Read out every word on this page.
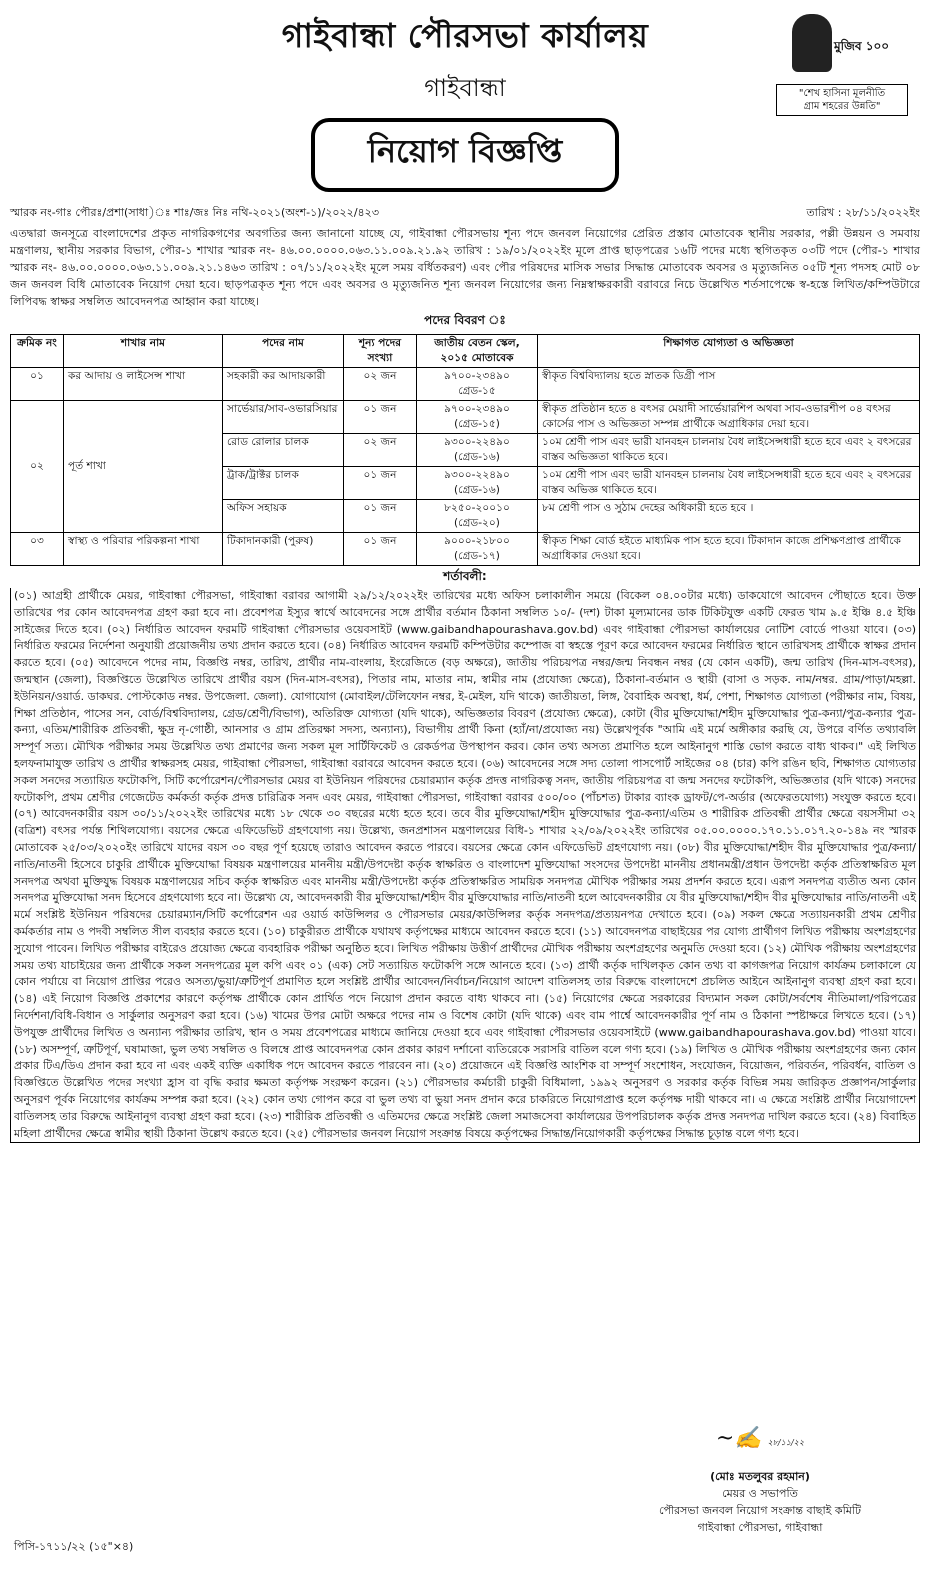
গাইবান্ধা পৌরসভা কার্যালয়
গাইবান্ধা
নিয়োগ বিজ্ঞপ্তি
মুজিব ১০০
"শেখ হাসিনা মূলনীতি
গ্রাম শহরের উন্নতি"
স্মারক নং-গাঃ পৌরঃ/প্রশা(সাধা)ঃ শাঃ/জঃ নিঃ নথি-২০২১(অংশ-১)/২০২২/৪২৩	তারিখ : ২৮/১১/২০২২ইং
এতদ্বারা জনসূত্রে বাংলাদেশের প্রকৃত নাগরিকগণের অবগতির জন্য জানানো যাচ্ছে যে, গাইবান্ধা পৌরসভায় শূন্য পদে জনবল নিয়োগের প্রেরিত প্রস্তাব মোতাবেক স্থানীয় সরকার, পল্লী উন্নয়ন ও সমবায় মন্ত্রণালয়, স্থানীয় সরকার বিভাগ, পৌর-১ শাখার স্মারক নং- ৪৬.০০.০০০০.০৬৩.১১.০০৯.২১.৯২ তারিখ : ১৯/০১/২০২২ইং মূলে প্রাপ্ত ছাড়পত্রের ১৬টি পদের মধ্যে স্থগিতকৃত ০৩টি পদে (পৌর-১ শাখার স্মারক নং- ৪৬.০০.০০০০.০৬৩.১১.০০৯.২১.১৪৬৩ তারিখ : ০৭/১১/২০২২ইং মূলে সময় বর্ধিতকরণ) এবং পৌর পরিষদের মাসিক সভার সিদ্ধান্ত মোতাবেক অবসর ও মৃত্যুজনিত ০৫টি শূন্য পদসহ মোট ০৮ জন জনবল বিধি মোতাবেক নিয়োগ দেয়া হবে। ছাড়পত্রকৃত শূন্য পদে এবং অবসর ও মৃত্যুজনিত শূন্য জনবল নিয়োগের জন্য নিম্নস্বাক্ষরকারী বরাবরে নিচে উল্লেখিত শর্তসাপেক্ষে স্ব-হস্তে লিখিত/কম্পিউটারে লিপিবদ্ধ স্বাক্ষর সম্বলিত আবেদনপত্র আহ্বান করা যাচ্ছে।
পদের বিবরণ ঃ
ক্রমিক নং	শাখার নাম	পদের নাম	শূন্য পদের সংখ্যা	জাতীয় বেতন স্কেল, ২০১৫ মোতাবেক	শিক্ষাগত যোগ্যতা ও অভিজ্ঞতা
০১	কর আদায় ও লাইসেন্স শাখা	সহকারী কর আদায়কারী	০২ জন	৯৭০০-২৩৪৯০
গ্রেড-১৫	স্বীকৃত বিশ্ববিদ্যালয় হতে স্নাতক ডিগ্রী পাস
০২	পূর্ত শাখা	সার্ভেয়ার/সাব-ওভারসিয়ার	০১ জন	৯৭০০-২৩৪৯০
(গ্রেড-১৫)	স্বীকৃত প্রতিষ্ঠান হতে ৪ বৎসর মেয়াদী সার্ভেয়ারশিপ অথবা সাব-ওভারশীপ ০৪ বৎসর কোর্সের পাস ও অভিজ্ঞতা সম্পন্ন প্রার্থীকে অগ্রাধিকার দেয়া হবে।
		রোড রোলার চালক	০২ জন	৯৩০০-২২৪৯০
(গ্রেড-১৬)	১০ম শ্রেণী পাস এবং ভারী যানবহন চালনায় বৈধ লাইসেন্সধারী হতে হবে এবং ২ বৎসরের বাস্তব অভিজ্ঞতা থাকিতে হবে।
		ট্রাক/ট্রাক্টর চালক	০১ জন	৯৩০০-২২৪৯০
(গ্রেড-১৬)	১০ম শ্রেণী পাস এবং ভারী যানবহন চালনায় বৈধ লাইসেন্সধারী হতে হবে এবং ২ বৎসরের বাস্তব অভিজ্ঞ থাকিতে হবে।
		অফিস সহায়ক	০১ জন	৮২৫০-২০০১০
(গ্রেড-২০)	৮ম শ্রেণী পাস ও সুঠাম দেহের অধিকারী হতে হবে ।
০৩	স্বাস্থ্য ও পরিবার পরিকল্পনা শাখা	টিকাদানকারী (পুরুষ)	০১ জন	৯০০০-২১৮০০
(গ্রেড-১৭)	স্বীকৃত শিক্ষা বোর্ড হইতে মাধ্যমিক পাস হতে হবে। টিকাদান কাজে প্রশিক্ষণপ্রাপ্ত প্রার্থীকে অগ্রাধিকার দেওয়া হবে।
শর্তাবলী:
(০১) আগ্রহী প্রার্থীকে মেয়র, গাইবান্ধা পৌরসভা, গাইবান্ধা বরাবর আগামী ২৯/১২/২০২২ইং তারিখের মধ্যে অফিস চলাকালীন সময়ে (বিকেল ০৪.০০টার মধ্যে) ডাকযোগে আবেদন পৌছাতে হবে। উক্ত তারিখের পর কোন আবেদনপত্র গ্রহণ করা হবে না। প্রবেশপত্র ইস্যুর স্বার্থে আবেদনের সঙ্গে প্রার্থীর বর্তমান ঠিকানা সম্বলিত ১০/- (দশ) টাকা মূল্যমানের ডাক টিকিটযুক্ত একটি ফেরত খাম ৯.৫ ইঞ্চি ৪.৫ ইঞ্চি সাইজের দিতে হবে। (০২) নির্ধারিত আবেদন ফরমটি গাইবান্ধা পৌরসভার ওয়েবসাইট (www.gaibandhapourashava.gov.bd) এবং গাইবান্ধা পৌরসভা কার্যালয়ের নোটিশ বোর্ডে পাওয়া যাবে। (০৩) নির্ধারিত ফরমের নির্দেশনা অনুযায়ী প্রয়োজনীয় তথ্য প্রদান করতে হবে। (০৪) নির্ধারিত আবেদন ফরমটি কম্পিউটার কম্পোজ বা স্বহস্তে পূরণ করে আবেদন ফরমের নির্ধারিত স্থানে তারিখসহ প্রার্থীকে স্বাক্ষর প্রদান করতে হবে। (০৫) আবেদনে পদের নাম, বিজ্ঞপ্তি নম্বর, তারিখ, প্রার্থীর নাম-বাংলায়, ইংরেজিতে (বড় অক্ষরে), জাতীয় পরিচয়পত্র নম্বর/জন্ম নিবন্ধন নম্বর (যে কোন একটি), জন্ম তারিখ (দিন-মাস-বৎসর), জন্মস্থান (জেলা), বিজ্ঞপ্তিতে উল্লেখিত তারিখে প্রার্থীর বয়স (দিন-মাস-বৎসর), পিতার নাম, মাতার নাম, স্বামীর নাম (প্রযোজ্য ক্ষেত্রে), ঠিকানা-বর্তমান ও স্থায়ী (বাসা ও সড়ক. নাম/নম্বর. গ্রাম/পাড়া/মহল্লা. ইউনিয়ন/ওয়ার্ড. ডাকঘর. পোস্টকোড নম্বর. উপজেলা. জেলা). যোগাযোগ (মোবাইল/টেলিফোন নম্বর, ই-মেইল, যদি থাকে) জাতীয়তা, লিঙ্গ, বৈবাহিক অবস্থা, ধর্ম, পেশা, শিক্ষাগত যোগ্যতা (পরীক্ষার নাম, বিষয়, শিক্ষা প্রতিষ্ঠান, পাসের সন, বোর্ড/বিশ্ববিদ্যালয়, গ্রেড/শ্রেণী/বিভাগ), অতিরিক্ত যোগ্যতা (যদি থাকে), অভিজ্ঞতার বিবরণ (প্রযোজ্য ক্ষেত্রে), কোটা (বীর মুক্তিযোদ্ধা/শহীদ মুক্তিযোদ্ধার পুত্র-কন্যা/পুত্র-কন্যার পুত্র-কন্যা, এতিম/শারীরিক প্রতিবন্ধী, ক্ষুদ্র নৃ-গোষ্ঠী, আনসার ও গ্রাম প্রতিরক্ষা সদস্য, অন্যান্য), বিভাগীয় প্রার্থী কিনা (হ্যাঁ/না/প্রযোজ্য নয়) উল্লেখপূর্বক "আমি এই মর্মে অঙ্গীকার করছি যে, উপরে বর্ণিত তথ্যাবলি সম্পূর্ণ সত্য। মৌখিক পরীক্ষার সময় উল্লেখিত তথ্য প্রমাণের জন্য সকল মূল সার্টিফিকেট ও রেকর্ডপত্র উপস্থাপন করব। কোন তথ্য অসত্য প্রমাণিত হলে আইনানুগ শাস্তি ভোগ করতে বাধ্য থাকব।" এই লিখিত হলফনামাযুক্ত তারিখ ও প্রার্থীর স্বাক্ষরসহ মেয়র, গাইবান্ধা পৌরসভা, গাইবান্ধা বরাবরে আবেদন করতে হবে। (০৬) আবেদনের সঙ্গে সদ্য তোলা পাসপোর্ট সাইজের ০৪ (চার) কপি রঙিন ছবি, শিক্ষাগত যোগ্যতার সকল সনদের সত্যায়িত ফটোকপি, সিটি কর্পোরেশন/পৌরসভার মেয়র বা ইউনিয়ন পরিষদের চেয়ারম্যান কর্তৃক প্রদত্ত নাগরিকত্ব সনদ, জাতীয় পরিচয়পত্র বা জন্ম সনদের ফটোকপি, অভিজ্ঞতার (যদি থাকে) সনদের ফটোকপি, প্রথম শ্রেণীর গেজেটেড কর্মকর্তা কর্তৃক প্রদত্ত চারিত্রিক সনদ এবং মেয়র, গাইবান্ধা পৌরসভা, গাইবান্ধা বরাবর ৫০০/০০ (পাঁচশত) টাকার ব্যাংক ড্রাফট/পে-অর্ডার (অফেরতযোগ্য) সংযুক্ত করতে হবে। (০৭) আবেদনকারীর বয়স ৩০/১১/২০২২ইং তারিখের মধ্যে ১৮ থেকে ৩০ বছরের মধ্যে হতে হবে। তবে বীর মুক্তিযোদ্ধা/শহীদ মুক্তিযোদ্ধার পুত্র-কন্যা/এতিম ও শারীরিক প্রতিবন্ধী প্রার্থীর ক্ষেত্রে বয়সসীমা ৩২ (বত্রিশ) বৎসর পর্যন্ত শিথিলযোগ্য। বয়সের ক্ষেত্রে এফিডেভিট গ্রহণযোগ্য নয়। উল্লেখ্য, জনপ্রশাসন মন্ত্রণালয়ের বিধি-১ শাখার ২২/০৯/২০২২ইং তারিখের ০৫.০০.০০০০.১৭০.১১.০১৭.২০-১৪৯ নং স্মারক মোতাবেক ২৫/০৩/২০২০ইং তারিখে যাদের বয়স ৩০ বছর পূর্ণ হয়েছে তারাও আবেদন করতে পারবে। বয়সের ক্ষেত্রে কোন এফিডেভিট গ্রহণযোগ্য নয়। (০৮) বীর মুক্তিযোদ্ধা/শহীদ বীর মুক্তিযোদ্ধার পুত্র/কন্যা/নাতি/নাতনী হিসেবে চাকুরি প্রার্থীকে মুক্তিযোদ্ধা বিষয়ক মন্ত্রণালয়ের মাননীয় মন্ত্রী/উপদেষ্টা কর্তৃক স্বাক্ষরিত ও বাংলাদেশ মুক্তিযোদ্ধা সংসদের উপদেষ্টা মাননীয় প্রধানমন্ত্রী/প্রধান উপদেষ্টা কর্তৃক প্রতিস্বাক্ষরিত মূল সনদপত্র অথবা মুক্তিযুদ্ধ বিষয়ক মন্ত্রণালয়ের সচিব কর্তৃক স্বাক্ষরিত এবং মাননীয় মন্ত্রী/উপদেষ্টা কর্তৃক প্রতিস্বাক্ষরিত সাময়িক সনদপত্র মৌখিক পরীক্ষার সময় প্রদর্শন করতে হবে। এরূপ সনদপত্র ব্যতীত অন্য কোন সনদপত্র মুক্তিযোদ্ধা সনদ হিসেবে গ্রহণযোগ্য হবে না। উল্লেখ্য যে, আবেদনকারী বীর মুক্তিযোদ্ধা/শহীদ বীর মুক্তিযোদ্ধার নাতি/নাতনী হলে আবেদনকারীর যে বীর মুক্তিযোদ্ধা/শহীদ বীর মুক্তিযোদ্ধার নাতি/নাতনী এই মর্মে সংশ্লিষ্ট ইউনিয়ন পরিষদের চেয়ারম্যান/সিটি কর্পোরেশন এর ওয়ার্ড কাউন্সিলর ও পৌরসভার মেয়র/কাউন্সিলর কর্তৃক সনদপত্র/প্রত্যয়নপত্র দেখাতে হবে। (০৯) সকল ক্ষেত্রে সত্যায়নকারী প্রথম শ্রেণীর কর্মকর্তার নাম ও পদবী সম্বলিত সীল ব্যবহার করতে হবে। (১০) চাকুরীরত প্রার্থীকে যথাযথ কর্তৃপক্ষের মাধ্যমে আবেদন করতে হবে। (১১) আবেদনপত্র বাছাইয়ের পর যোগ্য প্রার্থীগণ লিখিত পরীক্ষায় অংশগ্রহণের সুযোগ পাবেন। লিখিত পরীক্ষার বাইরেও প্রয়োজ্য ক্ষেত্রে ব্যবহারিক পরীক্ষা অনুষ্ঠিত হবে। লিখিত পরীক্ষায় উত্তীর্ণ প্রার্থীদের মৌখিক পরীক্ষায় অংশগ্রহণের অনুমতি দেওয়া হবে। (১২) মৌখিক পরীক্ষায় অংশগ্রহণের সময় তথ্য যাচাইয়ের জন্য প্রার্থীকে সকল সনদপত্রের মূল কপি এবং ০১ (এক) সেট সত্যায়িত ফটোকপি সঙ্গে আনতে হবে। (১৩) প্রার্থী কর্তৃক দাখিলকৃত কোন তথ্য বা কাগজপত্র নিয়োগ কার্যক্রম চলাকালে যে কোন পর্যায়ে বা নিয়োগ প্রাপ্তির পরেও অসত্য/ভুয়া/ত্রুটিপূর্ণ প্রমাণিত হলে সংশ্লিষ্ট প্রার্থীর আবেদন/নির্বাচন/নিয়োগ আদেশ বাতিলসহ তার বিরুদ্ধে বাংলাদেশে প্রচলিত আইনে আইনানুগ ব্যবস্থা গ্রহণ করা হবে। (১৪) এই নিয়োগ বিজ্ঞপ্তি প্রকাশের কারণে কর্তৃপক্ষ প্রার্থীকে কোন প্রার্থিত পদে নিয়োগ প্রদান করতে বাধ্য থাকবে না। (১৫) নিয়োগের ক্ষেত্রে সরকারের বিদ্যমান সকল কোটা/সর্বশেষ নীতিমালা/পরিপত্রের নির্দেশনা/বিধি-বিধান ও সার্কুলার অনুসরণ করা হবে। (১৬) খামের উপর মোটা অক্ষরে পদের নাম ও বিশেষ কোটা (যদি থাকে) এবং বাম পার্শ্বে আবেদনকারীর পূর্ণ নাম ও ঠিকানা স্পষ্টাক্ষরে লিখতে হবে। (১৭) উপযুক্ত প্রার্থীদের লিখিত ও অন্যান্য পরীক্ষার তারিখ, স্থান ও সময় প্রবেশপত্রের মাধ্যমে জানিয়ে দেওয়া হবে এবং গাইবান্ধা পৌরসভার ওয়েবসাইটে (www.gaibandhapourashava.gov.bd) পাওয়া যাবে। (১৮) অসম্পূর্ণ, ত্রুটিপূর্ণ, ঘষামাজা, ভুল তথ্য সম্বলিত ও বিলম্বে প্রাপ্ত আবেদনপত্র কোন প্রকার কারণ দর্শানো ব্যতিরেকে সরাসরি বাতিল বলে গণ্য হবে। (১৯) লিখিত ও মৌখিক পরীক্ষায় অংশগ্রহণের জন্য কোন প্রকার টিএ/ডিএ প্রদান করা হবে না এবং একই ব্যক্তি একাধিক পদে আবেদন করতে পারবেন না। (২০) প্রয়োজনে এই বিজ্ঞপ্তি আংশিক বা সম্পূর্ণ সংশোধন, সংযোজন, বিয়োজন, পরিবর্তন, পরিবর্ধন, বাতিল ও বিজ্ঞপ্তিতে উল্লেখিত পদের সংখ্যা হ্রাস বা বৃদ্ধি করার ক্ষমতা কর্তৃপক্ষ সংরক্ষণ করেন। (২১) পৌরসভার কর্মচারী চাকুরী বিধিমালা, ১৯৯২ অনুসরণ ও সরকার কর্তৃক বিভিন্ন সময় জারিকৃত প্রজ্ঞাপন/সার্কুলার অনুসরণ পূর্বক নিয়োগের কার্যক্রম সম্পন্ন করা হবে। (২২) কোন তথ্য গোপন করে বা ভুল তথ্য বা ভুয়া সনদ প্রদান করে চাকরিতে নিয়োগপ্রাপ্ত হলে কর্তৃপক্ষ দায়ী থাকবে না। এ ক্ষেত্রে সংশ্লিষ্ট প্রার্থীর নিয়োগাদেশ বাতিলসহ তার বিরুদ্ধে আইনানুগ ব্যবস্থা গ্রহণ করা হবে। (২৩) শারীরিক প্রতিবন্ধী ও এতিমদের ক্ষেত্রে সংশ্লিষ্ট জেলা সমাজসেবা কার্যালয়ের উপপরিচালক কর্তৃক প্রদত্ত সনদপত্র দাখিল করতে হবে। (২৪) বিবাহিত মহিলা প্রার্থীদের ক্ষেত্রে স্বামীর স্থায়ী ঠিকানা উল্লেখ করতে হবে। (২৫) পৌরসভার জনবল নিয়োগ সংক্রান্ত বিষয়ে কর্তৃপক্ষের সিদ্ধান্ত/নিয়োগকারী কর্তৃপক্ষের সিদ্ধান্ত চূড়ান্ত বলে গণ্য হবে।
~✍ ২৮/১১/২২
(মোঃ মতলুবর রহমান)
মেয়র ও সভাপতি
পৌরসভা জনবল নিয়োগ সংক্রান্ত বাছাই কমিটি
গাইবান্ধা পৌরসভা, গাইবান্ধা
পিসি-১৭১১/২২ (১৫"×৪)
